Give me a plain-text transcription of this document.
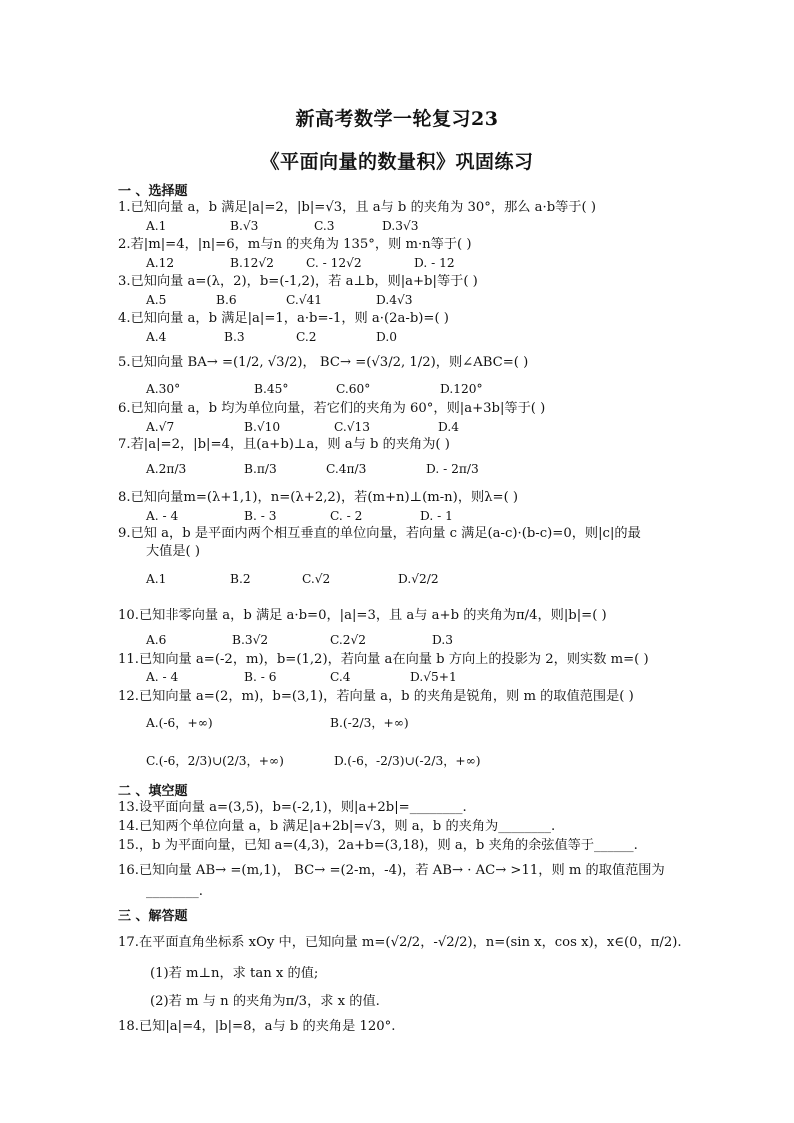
新高考数学一轮复习23
《平面向量的数量积》巩固练习
一 、选择题
1.已知向量 a，b 满足|a|=2，|b|=√3，且 a与 b 的夹角为 30°，那么 a·b等于( )
A.1	B.√3	C.3	D.3√3
2.若|m|=4，|n|=6，m与n 的夹角为 135°，则 m·n等于( )
A.12	B.12√2	C. - 12√2	D. - 12
3.已知向量 a=(λ，2)，b=(-1,2)，若 a⊥b，则|a+b|等于( )
A.5	B.6	C.√41	D.4√3
4.已知向量 a，b 满足|a|=1，a·b=-1，则 a·(2a-b)=( )
A.4	B.3	C.2	D.0
5.已知向量 BA→ =(1/2, √3/2)， BC→ =(√3/2, 1/2)，则∠ABC=( )
A.30°	B.45°	C.60°	D.120°
6.已知向量 a，b 均为单位向量，若它们的夹角为 60°，则|a+3b|等于( )
A.√7	B.√10	C.√13	D.4
7.若|a|=2，|b|=4，且(a+b)⊥a，则 a与 b 的夹角为( )
A.2π/3	B.π/3	C.4π/3	D. - 2π/3
8.已知向量m=(λ+1,1)，n=(λ+2,2)，若(m+n)⊥(m-n)，则λ=( )
A. - 4	B. - 3	C. - 2	D. - 1
9.已知 a，b 是平面内两个相互垂直的单位向量，若向量 c 满足(a-c)·(b-c)=0，则|c|的最
大值是( )
A.1	B.2	C.√2	D.√2/2
10.已知非零向量 a，b 满足 a·b=0，|a|=3，且 a与 a+b 的夹角为π/4，则|b|=( )
A.6	B.3√2	C.2√2	D.3
11.已知向量 a=(-2，m)，b=(1,2)，若向量 a在向量 b 方向上的投影为 2，则实数 m=( )
A. - 4	B. - 6	C.4	D.√5+1
12.已知向量 a=(2，m)，b=(3,1)，若向量 a，b 的夹角是锐角，则 m 的取值范围是( )
A.(-6，+∞)	B.(-2/3，+∞)
C.(-6，2/3)∪(2/3，+∞)	D.(-6，-2/3)∪(-2/3，+∞)
二 、填空题
13.设平面向量 a=(3,5)，b=(-2,1)，则|a+2b|=________.
14.已知两个单位向量 a，b 满足|a+2b|=√3，则 a，b 的夹角为________.
15.，b 为平面向量，已知 a=(4,3)，2a+b=(3,18)，则 a，b 夹角的余弦值等于______.
16.已知向量 AB→ =(m,1)， BC→ =(2-m，-4)，若 AB→ · AC→ >11，则 m 的取值范围为
________.
三 、解答题
17.在平面直角坐标系 xOy 中，已知向量 m=(√2/2，-√2/2)，n=(sin x，cos x)，x∈(0，π/2).
(1)若 m⊥n，求 tan x 的值;
(2)若 m 与 n 的夹角为π/3，求 x 的值.
18.已知|a|=4，|b|=8，a与 b 的夹角是 120°.
